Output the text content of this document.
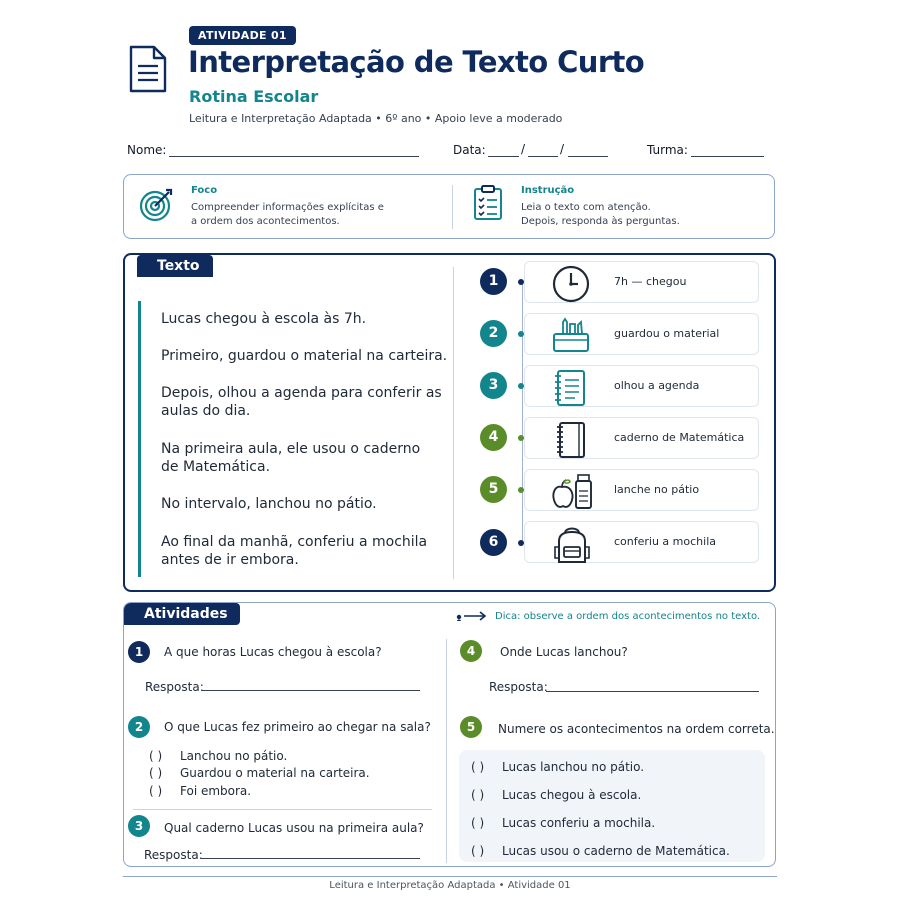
ATIVIDADE 01
Interpretação de Texto Curto
Rotina Escolar
Leitura e Interpretação Adaptada • 6º ano • Apoio leve a moderado
Nome:	Data:	/	/	Turma:
Foco
Compreender informações explícitas e
a ordem dos acontecimentos.
Instrução
Leia o texto com atenção.
Depois, responda às perguntas.
Texto
Lucas chegou à escola às 7h.
Primeiro, guardou o material na carteira.
Depois, olhou a agenda para conferir as
aulas do dia.
Na primeira aula, ele usou o caderno
de Matemática.
No intervalo, lanchou no pátio.
Ao final da manhã, conferiu a mochila
antes de ir embora.
1	7h — chegou
2	guardou o material
3	olhou a agenda
4	caderno de Matemática
5	lanche no pátio
6	conferiu a mochila
Atividades	Dica: observe a ordem dos acontecimentos no texto.
1	A que horas Lucas chegou à escola?
Resposta:
2	O que Lucas fez primeiro ao chegar na sala?
( ) Lanchou no pátio.
( ) Guardou o material na carteira.
( ) Foi embora.
3	Qual caderno Lucas usou na primeira aula?
Resposta:
4	Onde Lucas lanchou?
Resposta:
5	Numere os acontecimentos na ordem correta.
( ) Lucas lanchou no pátio.
( ) Lucas chegou à escola.
( ) Lucas conferiu a mochila.
( ) Lucas usou o caderno de Matemática.
Leitura e Interpretação Adaptada • Atividade 01
